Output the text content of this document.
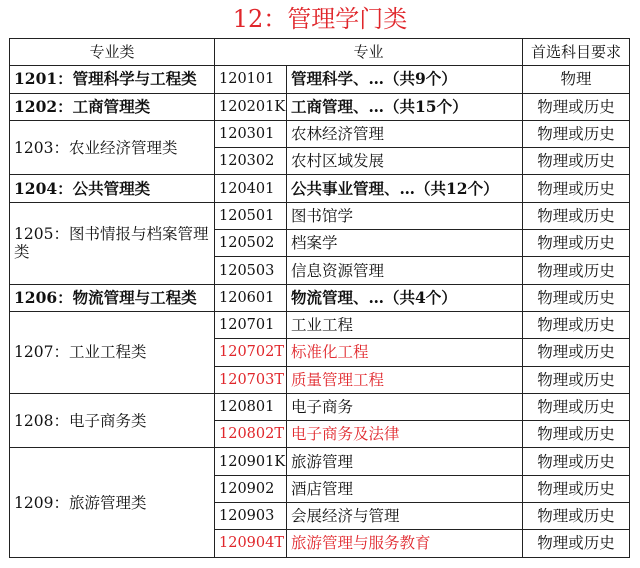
12：管理学门类
专业类	专业		首选科目要求
1201：管理科学与工程类	120101	管理科学、…（共9个）	物理
1202：工商管理类	120201K	工商管理、…（共15个）	物理或历史
1203：农业经济管理类	120301	农林经济管理	物理或历史
	120302	农村区域发展	物理或历史
1204：公共管理类	120401	公共事业管理、…（共12个）	物理或历史
1205：图书情报与档案管理类	120501	图书馆学	物理或历史
	120502	档案学	物理或历史
	120503	信息资源管理	物理或历史
1206：物流管理与工程类	120601	物流管理、…（共4个）	物理或历史
1207：工业工程类	120701	工业工程	物理或历史
	120702T	标准化工程	物理或历史
	120703T	质量管理工程	物理或历史
1208：电子商务类	120801	电子商务	物理或历史
	120802T	电子商务及法律	物理或历史
1209：旅游管理类	120901K	旅游管理	物理或历史
	120902	酒店管理	物理或历史
	120903	会展经济与管理	物理或历史
	120904T	旅游管理与服务教育	物理或历史
